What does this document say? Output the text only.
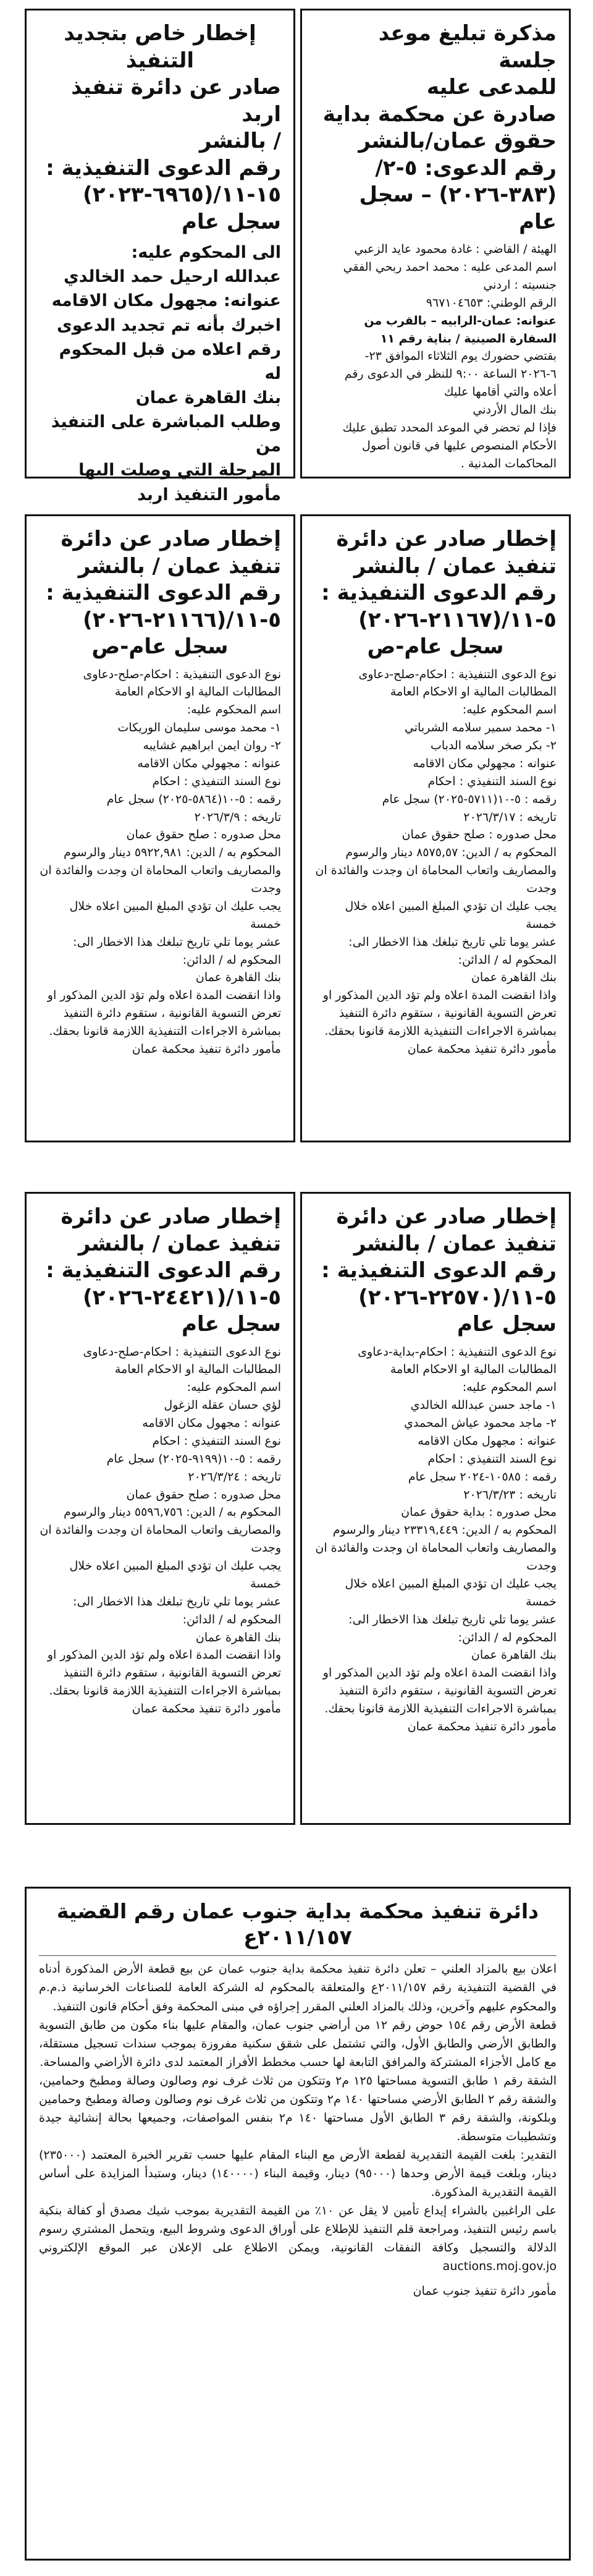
مذكرة تبليغ موعد جلسة
للمدعى عليه
صادرة عن محكمة بداية
حقوق عمان/بالنشر
رقم الدعوى: ٥-٢/
(٣٨٣-٢٠٢٦) – سجل
عام
الهيئة / القاضي : غادة محمود عايد الزعبي
اسم المدعى عليه : محمد احمد ربحي الفقي
جنسيته : اردني
الرقم الوطني: ٩٦٧١٠٤٦٥٣
عنوانه: عمان-الرابيه – بالقرب من
السفارة الصينية / بناية رقم ١١
بقتضي حضورك يوم الثلاثاء الموافق ٢٣-
٦-٢٠٢٦ الساعة ٩:٠٠ للنظر في الدعوى رقم
أعلاه والتي أقامها عليك
بنك المال الأردني
فإذا لم تحضر في الموعد المحدد تطبق عليك
الأحكام المنصوص عليها في قانون أصول
المحاكمات المدنية .
إخطار خاص بتجديد
التنفيذ
صادر عن دائرة تنفيذ اربد
/ بالنشر
رقم الدعوى التنفيذية :
١٥-١١/(٦٩٦٥-٢٠٢٣)
سجل عام
الى المحكوم عليه:
عبدالله ارحيل حمد الخالدي
عنوانه: مجهول مكان الاقامه
اخبرك بأنه تم تجديد الدعوى
رقم اعلاه من قبل المحكوم له
بنك القاهرة عمان
وطلب المباشرة على التنفيذ من
المرحلة التي وصلت اليها
مأمور التنفيذ اربد
إخطار صادر عن دائرة
تنفيذ عمان / بالنشر
رقم الدعوى التنفيذية :
٥-١١/(٢١١٦٧-٢٠٢٦)
سجل عام-ص
نوع الدعوى التنفيذية : احكام-صلح-دعاوى
المطالبات المالية او الاحكام العامة
اسم المحكوم عليه:
١- محمد سمير سلامه الشرباتي
٢- بكر صخر سلامه الدباب
عنوانه : مجهولي مكان الاقامه
نوع السند التنفيذي : احكام
رقمه : ٥-١٠(٥٧١١-٢٠٢٥) سجل عام
تاريخه : ٢٠٢٦/٣/١٧
محل صدوره : صلح حقوق عمان
المحكوم به / الدين: ٨٥٧٥,٥٧ دينار والرسوم
والمصاريف واتعاب المحاماة ان وجدت والفائدة ان
وجدت
يجب عليك ان تؤدي المبلغ المبين اعلاه خلال خمسة
عشر يوما تلي تاريخ تبلغك هذا الاخطار الى:
المحكوم له / الدائن:
بنك القاهرة عمان
واذا انقضت المدة اعلاه ولم تؤد الدين المذكور او
تعرض التسوية القانونية ، ستقوم دائرة التنفيذ
بمباشرة الاجراءات التنفيذية اللازمة قانونا بحقك.
مأمور دائرة تنفيذ محكمة عمان
إخطار صادر عن دائرة
تنفيذ عمان / بالنشر
رقم الدعوى التنفيذية :
٥-١١/(٢١١٦٦-٢٠٢٦)
سجل عام-ص
نوع الدعوى التنفيذية : احكام-صلح-دعاوى
المطالبات المالية او الاحكام العامة
اسم المحكوم عليه:
١- محمد موسى سليمان الوريكات
٢- روان ايمن ابراهيم غشايبه
عنوانه : مجهولي مكان الاقامه
نوع السند التنفيذي : احكام
رقمه : ٥-١٠(٥٨٦٤-٢٠٢٥) سجل عام
تاريخه : ٢٠٢٦/٣/٩
محل صدوره : صلح حقوق عمان
المحكوم به / الدين: ٥٩٢٢,٩٨١ دينار والرسوم
والمصاريف واتعاب المحاماة ان وجدت والفائدة ان
وجدت
يجب عليك ان تؤدي المبلغ المبين اعلاه خلال خمسة
عشر يوما تلي تاريخ تبلغك هذا الاخطار الى:
المحكوم له / الدائن:
بنك القاهرة عمان
واذا انقضت المدة اعلاه ولم تؤد الدين المذكور او
تعرض التسوية القانونية ، ستقوم دائرة التنفيذ
بمباشرة الاجراءات التنفيذية اللازمة قانونا بحقك.
مأمور دائرة تنفيذ محكمة عمان
إخطار صادر عن دائرة
تنفيذ عمان / بالنشر
رقم الدعوى التنفيذية :
٥-١١/(٢٢٥٧٠-٢٠٢٦)
سجل عام
نوع الدعوى التنفيذية : احكام-بداية-دعاوى
المطالبات المالية او الاحكام العامة
اسم المحكوم عليه:
١- ماجد حسن عبدالله الخالدي
٢- ماجد محمود عياش المحمدي
عنوانه : مجهول مكان الاقامه
نوع السند التنفيذي : احكام
رقمه : ١٠٥٨٥-٢٠٢٤ سجل عام
تاريخه : ٢٠٢٦/٣/٢٣
محل صدوره : بداية حقوق عمان
المحكوم به / الدين: ٢٣٣١٩,٤٤٩ دينار والرسوم
والمصاريف واتعاب المحاماة ان وجدت والفائدة ان
وجدت
يجب عليك ان تؤدي المبلغ المبين اعلاه خلال خمسة
عشر يوما تلي تاريخ تبلغك هذا الاخطار الى:
المحكوم له / الدائن:
بنك القاهرة عمان
واذا انقضت المدة اعلاه ولم تؤد الدين المذكور او
تعرض التسوية القانونية ، ستقوم دائرة التنفيذ
بمباشرة الاجراءات التنفيذية اللازمة قانونا بحقك.
مأمور دائرة تنفيذ محكمة عمان
إخطار صادر عن دائرة
تنفيذ عمان / بالنشر
رقم الدعوى التنفيذية :
٥-١١/(٢٤٤٢١-٢٠٢٦)
سجل عام
نوع الدعوى التنفيذية : احكام-صلح-دعاوى
المطالبات المالية او الاحكام العامة
اسم المحكوم عليه:
لؤي حسان عقله الزغول
عنوانه : مجهول مكان الاقامه
نوع السند التنفيذي : احكام
رقمه : ٥-١٠(٩١٩٩-٢٠٢٥) سجل عام
تاريخه : ٢٠٢٦/٣/٢٤
محل صدوره : صلح حقوق عمان
المحكوم به / الدين: ٥٥٩٦,٧٥٦ دينار والرسوم
والمصاريف واتعاب المحاماة ان وجدت والفائدة ان
وجدت
يجب عليك ان تؤدي المبلغ المبين اعلاه خلال خمسة
عشر يوما تلي تاريخ تبلغك هذا الاخطار الى:
المحكوم له / الدائن:
بنك القاهرة عمان
واذا انقضت المدة اعلاه ولم تؤد الدين المذكور او
تعرض التسوية القانونية ، ستقوم دائرة التنفيذ
بمباشرة الاجراءات التنفيذية اللازمة قانونا بحقك.
مأمور دائرة تنفيذ محكمة عمان
دائرة تنفيذ محكمة بداية جنوب عمان رقم القضية
٢٠١١/١٥٧ع
اعلان بيع بالمزاد العلني – تعلن دائرة تنفيذ محكمة بداية جنوب عمان عن بيع قطعة الأرض المذكورة أدناه في القضية التنفيذية رقم ٢٠١١/١٥٧ع والمتعلقة بالمحكوم له الشركة العامة للصناعات الخرسانية ذ.م.م والمحكوم عليهم وآخرين، وذلك بالمزاد العلني المقرر إجراؤه في مبنى المحكمة وفق أحكام قانون التنفيذ.
قطعة الأرض رقم ١٥٤ حوض رقم ١٢ من أراضي جنوب عمان، والمقام عليها بناء مكون من طابق التسوية والطابق الأرضي والطابق الأول، والتي تشتمل على شقق سكنية مفروزة بموجب سندات تسجيل مستقلة، مع كامل الأجزاء المشتركة والمرافق التابعة لها حسب مخطط الأفراز المعتمد لدى دائرة الأراضي والمساحة.
الشقة رقم ١ طابق التسوية مساحتها ١٢٥ م٢ وتتكون من ثلاث غرف نوم وصالون وصالة ومطبخ وحمامين، والشقة رقم ٢ الطابق الأرضي مساحتها ١٤٠ م٢ وتتكون من ثلاث غرف نوم وصالون وصالة ومطبخ وحمامين وبلكونة، والشقة رقم ٣ الطابق الأول مساحتها ١٤٠ م٢ بنفس المواصفات، وجميعها بحالة إنشائية جيدة وتشطيبات متوسطة.
التقدير: بلغت القيمة التقديرية لقطعة الأرض مع البناء المقام عليها حسب تقرير الخبرة المعتمد (٢٣٥٠٠٠) دينار، وبلغت قيمة الأرض وحدها (٩٥٠٠٠) دينار، وقيمة البناء (١٤٠٠٠٠) دينار، وستبدأ المزايدة على أساس القيمة التقديرية المذكورة.
على الراغبين بالشراء إيداع تأمين لا يقل عن ١٠٪ من القيمة التقديرية بموجب شيك مصدق أو كفالة بنكية باسم رئيس التنفيذ، ومراجعة قلم التنفيذ للإطلاع على أوراق الدعوى وشروط البيع، ويتحمل المشتري رسوم الدلالة والتسجيل وكافة النفقات القانونية، ويمكن الاطلاع على الإعلان عبر الموقع الإلكتروني auctions.moj.gov.jo
مأمور دائرة تنفيذ جنوب عمان
